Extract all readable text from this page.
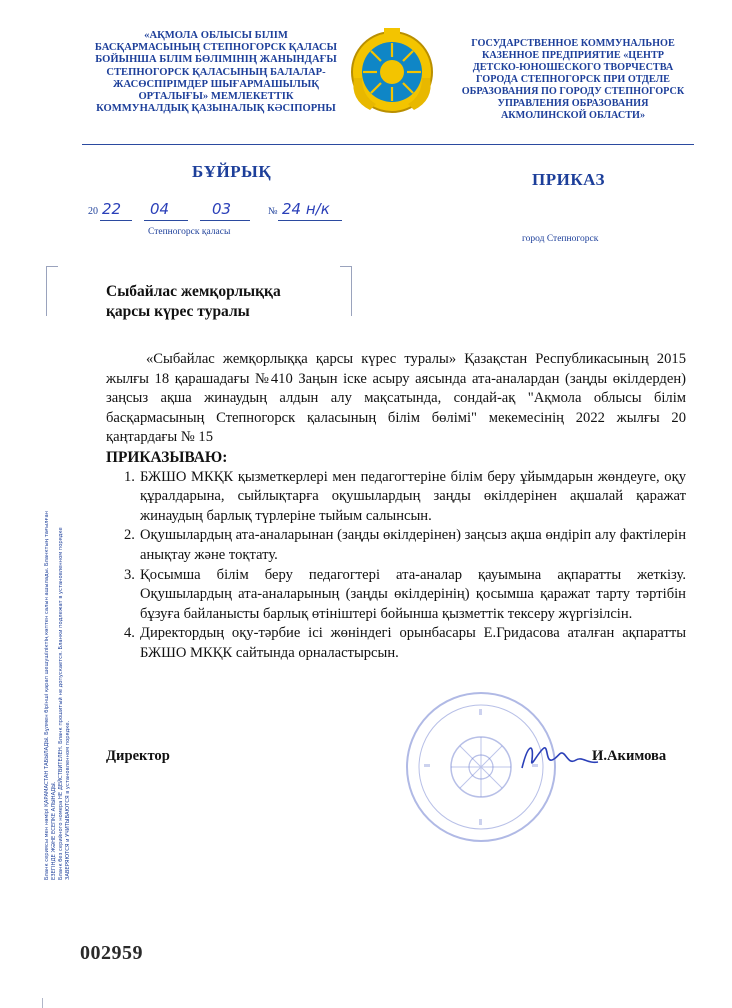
«АҚМОЛА ОБЛЫСЫ БІЛІМ
БАСҚАРМАСЫНЫҢ СТЕПНОГОРСК ҚАЛАСЫ
БОЙЫНША БІЛІМ БӨЛІМІНІҢ ЖАНЫНДАҒЫ
СТЕПНОГОРСК ҚАЛАСЫНЫҢ БАЛАЛАР-
ЖАСӨСПІРІМДЕР ШЫҒАРМАШЫЛЫҚ
ОРТАЛЫҒЫ» МЕМЛЕКЕТТІК
КОММУНАЛДЫҚ ҚАЗЫНАЛЫҚ КӘСІПОРНЫ
ГОСУДАРСТВЕННОЕ КОММУНАЛЬНОЕ
КАЗЕННОЕ ПРЕДПРИЯТИЕ «ЦЕНТР
ДЕТСКО-ЮНОШЕСКОГО ТВОРЧЕСТВА
ГОРОДА СТЕПНОГОРСК ПРИ ОТДЕЛЕ
ОБРАЗОВАНИЯ ПО ГОРОДУ СТЕПНОГОРСК
УПРАВЛЕНИЯ ОБРАЗОВАНИЯ
АКМОЛИНСКОЙ ОБЛАСТИ»
БҰЙРЫҚ	ПРИКАЗ
20 22 04	03	№ 24 н/к
Степногорск қаласы
город Степногорск
Сыбайлас жемқорлыққа
қарсы күрес туралы

«Сыбайлас жемқорлыққа қарсы күрес туралы» Қазақстан Республикасының 2015 жылғы 18 қарашадағы №410 Заңын іске асыру аясында ата-аналардан (заңды өкілдерден) заңсыз ақша жинаудың алдын алу мақсатында, сондай-ақ "Ақмола облысы білім басқармасының Степногорск қаласының білім бөлімі" мекемесінің 2022 жылғы 20 қаңтардағы № 15

ПРИКАЗЫВАЮ:

1. БЖШО МКҚК қызметкерлері мен педагогтеріне білім беру ұйымдарын жөндеуге, оқу құралдарына, сыйлықтарға оқушылардың заңды өкілдерінен ақшалай қаражат жинаудың барлық түрлеріне тыйым салынсын.
2. Оқушылардың ата-аналарынан (заңды өкілдерінен) заңсыз ақша өндіріп алу фактілерін анықтау және тоқтату.
3. Қосымша білім беру педагогтері ата-аналар қауымына ақпаратты жеткізу. Оқушылардың ата-аналарының (заңды өкілдерінің) қосымша қаражат тарту тәртібін бұзуға байланысты барлық өтініштері бойынша қызметтік тексеру жүргізілсін.
4. Директордың оқу-тәрбие ісі жөніндегі орынбасары Е.Гридасова аталған ақпаратты БЖШО МКҚК сайтында орналастырсын.
Бланк сериясы мен нөмірі ҚАРАМАСТАН ТАБЫЛАДЫ. Бұлмен бірінші қарап шешушіліктің көптен салын ашылады. Бланктың тағылған ЕЗЕГІНДЕ ЖӘНЕ ЕСЕПКЕ АЛЫНАДЫ. Бланк без серийного номера НЕ ДЕЙСТВИТЕЛЕН. Бланк прошитый не допускается. Бланки подлежат в установленном порядке ЗАВЕРЯЮТСЯ и УЧИТЫВАЮТСЯ в установленном порядке. Директор	И.Акимова
002959
